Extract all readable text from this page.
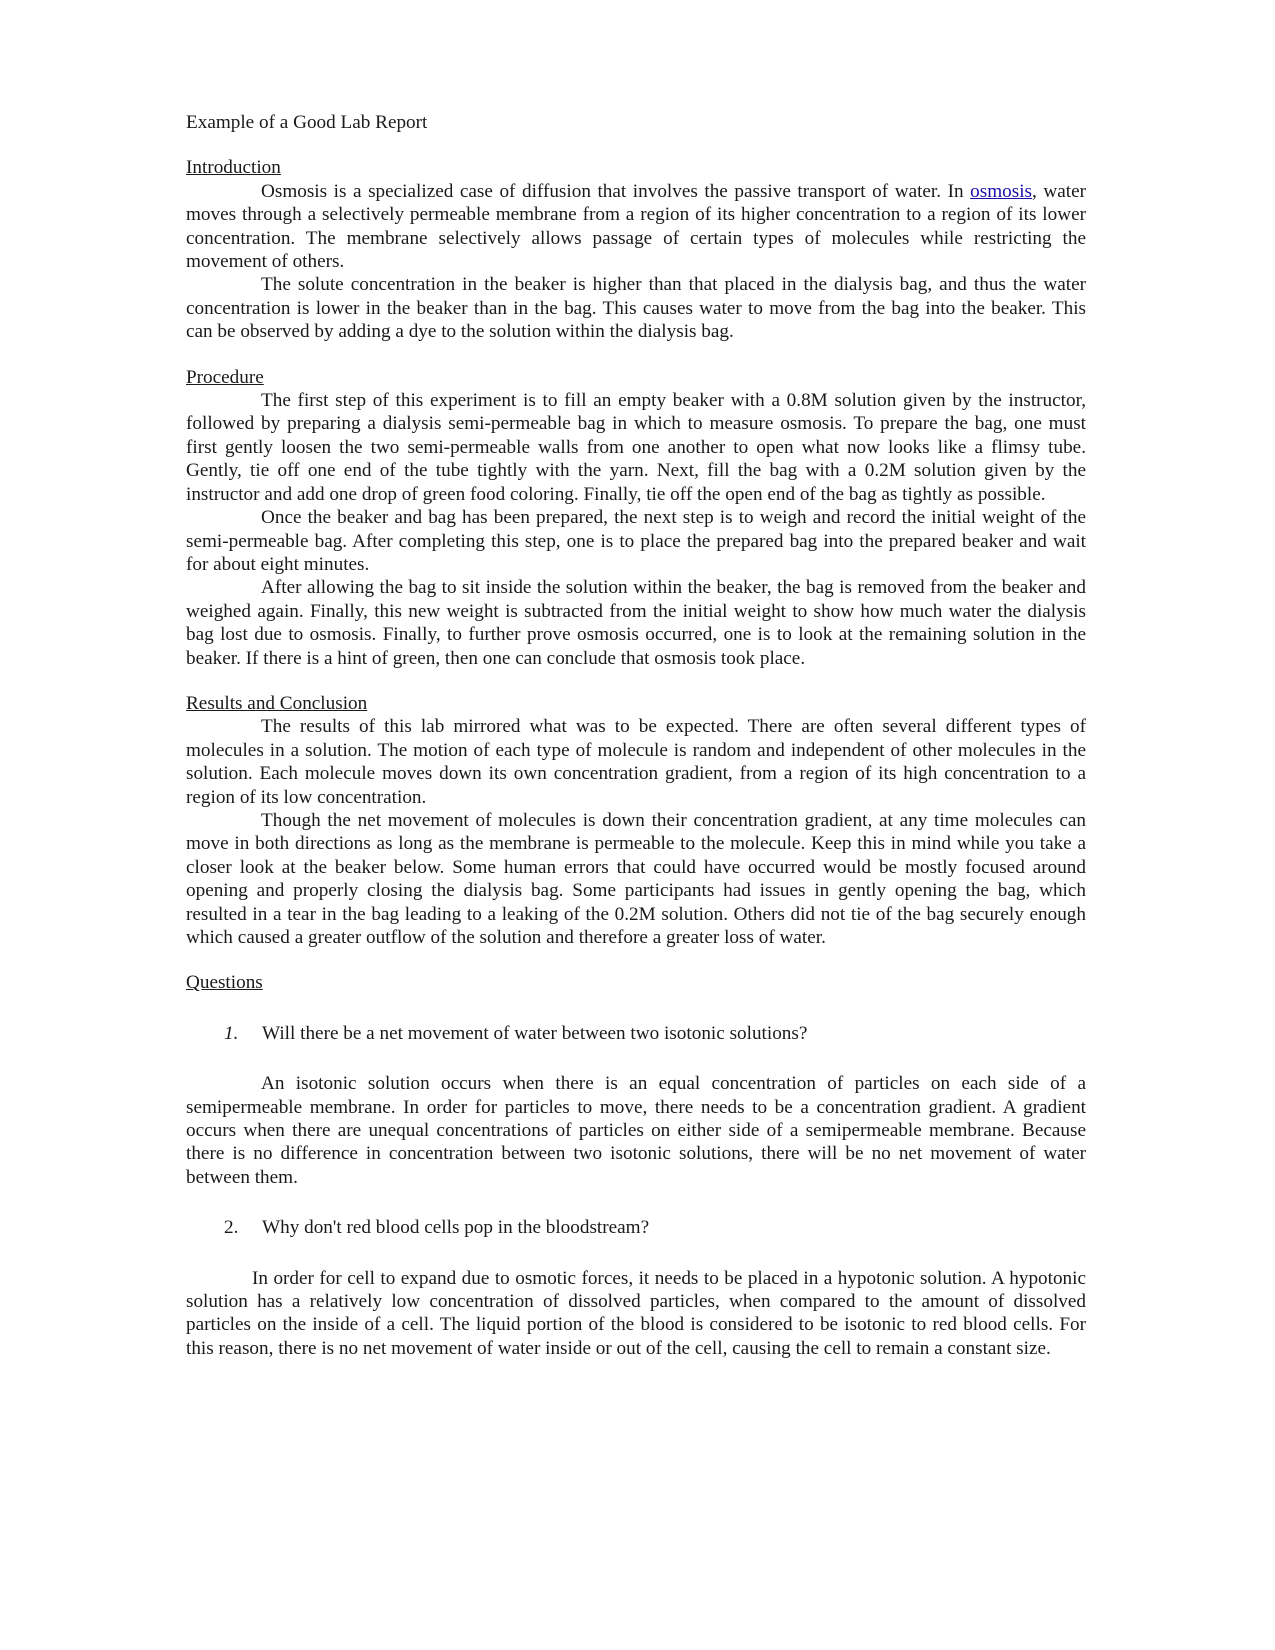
Example of a Good Lab Report

Introduction

Osmosis is a specialized case of diffusion that involves the passive transport of water. In osmosis, water moves through a selectively permeable membrane from a region of its higher concentration to a region of its lower concentration. The membrane selectively allows passage of certain types of molecules while restricting the movement of others.

The solute concentration in the beaker is higher than that placed in the dialysis bag, and thus the water concentration is lower in the beaker than in the bag. This causes water to move from the bag into the beaker. This can be observed by adding a dye to the solution within the dialysis bag.

Procedure

The first step of this experiment is to fill an empty beaker with a 0.8M solution given by the instructor, followed by preparing a dialysis semi-permeable bag in which to measure osmosis. To prepare the bag, one must first gently loosen the two semi-permeable walls from one another to open what now looks like a flimsy tube. Gently, tie off one end of the tube tightly with the yarn. Next, fill the bag with a 0.2M solution given by the instructor and add one drop of green food coloring. Finally, tie off the open end of the bag as tightly as possible.

Once the beaker and bag has been prepared, the next step is to weigh and record the initial weight of the semi-permeable bag. After completing this step, one is to place the prepared bag into the prepared beaker and wait for about eight minutes.

After allowing the bag to sit inside the solution within the beaker, the bag is removed from the beaker and weighed again. Finally, this new weight is subtracted from the initial weight to show how much water the dialysis bag lost due to osmosis. Finally, to further prove osmosis occurred, one is to look at the remaining solution in the beaker. If there is a hint of green, then one can conclude that osmosis took place.

Results and Conclusion

The results of this lab mirrored what was to be expected. There are often several different types of molecules in a solution. The motion of each type of molecule is random and independent of other molecules in the solution. Each molecule moves down its own concentration gradient, from a region of its high concentration to a region of its low concentration.

Though the net movement of molecules is down their concentration gradient, at any time molecules can move in both directions as long as the membrane is permeable to the molecule. Keep this in mind while you take a closer look at the beaker below. Some human errors that could have occurred would be mostly focused around opening and properly closing the dialysis bag. Some participants had issues in gently opening the bag, which resulted in a tear in the bag leading to a leaking of the 0.2M solution. Others did not tie of the bag securely enough which caused a greater outflow of the solution and therefore a greater loss of water.

Questions

1.	Will there be a net movement of water between two isotonic solutions?

An isotonic solution occurs when there is an equal concentration of particles on each side of a semipermeable membrane. In order for particles to move, there needs to be a concentration gradient. A gradient occurs when there are unequal concentrations of particles on either side of a semipermeable membrane. Because there is no difference in concentration between two isotonic solutions, there will be no net movement of water between them.

2.	Why don't red blood cells pop in the bloodstream?

In order for cell to expand due to osmotic forces, it needs to be placed in a hypotonic solution. A hypotonic solution has a relatively low concentration of dissolved particles, when compared to the amount of dissolved particles on the inside of a cell. The liquid portion of the blood is considered to be isotonic to red blood cells. For this reason, there is no net movement of water inside or out of the cell, causing the cell to remain a constant size.
